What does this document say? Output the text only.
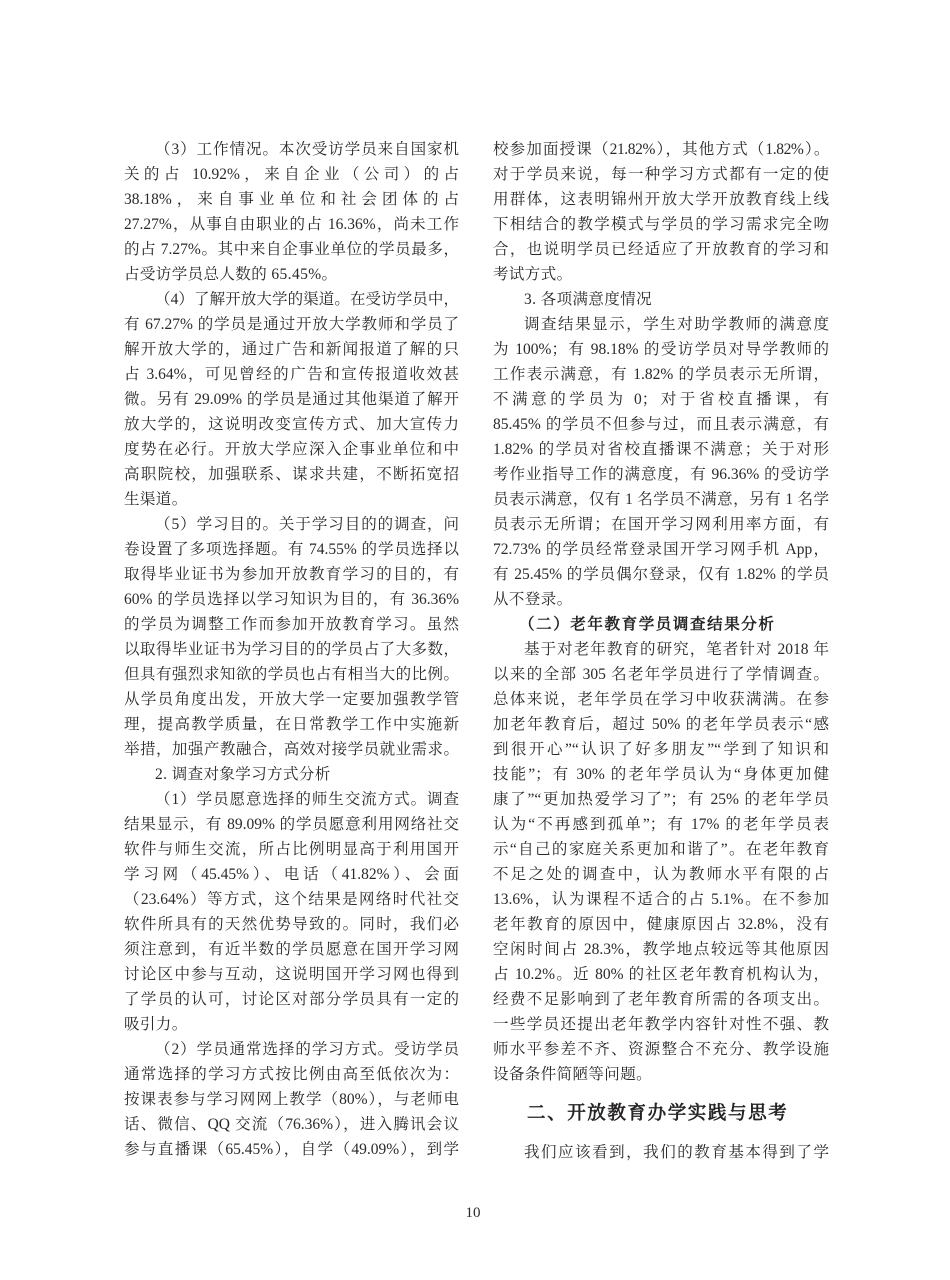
（3）工作情况。本次受访学员来自国家机
关的占 10.92%，来自企业（公司）的占
38.18%，来自事业单位和社会团体的占
27.27%，从事自由职业的占 16.36%，尚未工作
的占 7.27%。其中来自企事业单位的学员最多，
占受访学员总人数的 65.45%。
（4）了解开放大学的渠道。在受访学员中，
有 67.27% 的学员是通过开放大学教师和学员了
解开放大学的，通过广告和新闻报道了解的只
占 3.64%，可见曾经的广告和宣传报道收效甚
微。另有 29.09% 的学员是通过其他渠道了解开
放大学的，这说明改变宣传方式、加大宣传力
度势在必行。开放大学应深入企事业单位和中
高职院校，加强联系、谋求共建，不断拓宽招
生渠道。
（5）学习目的。关于学习目的的调查，问
卷设置了多项选择题。有 74.55% 的学员选择以
取得毕业证书为参加开放教育学习的目的，有
60% 的学员选择以学习知识为目的，有 36.36%
的学员为调整工作而参加开放教育学习。虽然
以取得毕业证书为学习目的的学员占了大多数，
但具有强烈求知欲的学员也占有相当大的比例。
从学员角度出发，开放大学一定要加强教学管
理，提高教学质量，在日常教学工作中实施新
举措，加强产教融合，高效对接学员就业需求。
2. 调查对象学习方式分析
（1）学员愿意选择的师生交流方式。调查
结果显示，有 89.09% 的学员愿意利用网络社交
软件与师生交流，所占比例明显高于利用国开
学习网（45.45%）、电话（41.82%）、会面
（23.64%）等方式，这个结果是网络时代社交
软件所具有的天然优势导致的。同时，我们必
须注意到，有近半数的学员愿意在国开学习网
讨论区中参与互动，这说明国开学习网也得到
了学员的认可，讨论区对部分学员具有一定的
吸引力。
（2）学员通常选择的学习方式。受访学员
通常选择的学习方式按比例由高至低依次为：
按课表参与学习网网上教学（80%），与老师电
话、微信、QQ 交流（76.36%），进入腾讯会议
参与直播课（65.45%），自学（49.09%），到学
校参加面授课（21.82%），其他方式（1.82%）。
对于学员来说，每一种学习方式都有一定的使
用群体，这表明锦州开放大学开放教育线上线
下相结合的教学模式与学员的学习需求完全吻
合，也说明学员已经适应了开放教育的学习和
考试方式。
3. 各项满意度情况
调查结果显示，学生对助学教师的满意度
为 100%；有 98.18% 的受访学员对导学教师的
工作表示满意，有 1.82% 的学员表示无所谓，
不满意的学员为 0；对于省校直播课，有
85.45% 的学员不但参与过，而且表示满意，有
1.82% 的学员对省校直播课不满意；关于对形
考作业指导工作的满意度，有 96.36% 的受访学
员表示满意，仅有 1 名学员不满意，另有 1 名学
员表示无所谓；在国开学习网利用率方面，有
72.73% 的学员经常登录国开学习网手机 App，
有 25.45% 的学员偶尔登录，仅有 1.82% 的学员
从不登录。
（二）老年教育学员调查结果分析
基于对老年教育的研究，笔者针对 2018 年
以来的全部 305 名老年学员进行了学情调查。
总体来说，老年学员在学习中收获满满。在参
加老年教育后，超过 50% 的老年学员表示“感
到很开心”“认识了好多朋友”“学到了知识和
技能”；有 30% 的老年学员认为“身体更加健
康了”“更加热爱学习了”；有 25% 的老年学员
认为“不再感到孤单”；有 17% 的老年学员表
示“自己的家庭关系更加和谐了”。在老年教育
不足之处的调查中，认为教师水平有限的占
13.6%，认为课程不适合的占 5.1%。在不参加
老年教育的原因中，健康原因占 32.8%，没有
空闲时间占 28.3%，教学地点较远等其他原因
占 10.2%。近 80% 的社区老年教育机构认为，
经费不足影响到了老年教育所需的各项支出。
一些学员还提出老年教学内容针对性不强、教
师水平参差不齐、资源整合不充分、教学设施
设备条件简陋等问题。
二、开放教育办学实践与思考
我们应该看到，我们的教育基本得到了学
10
